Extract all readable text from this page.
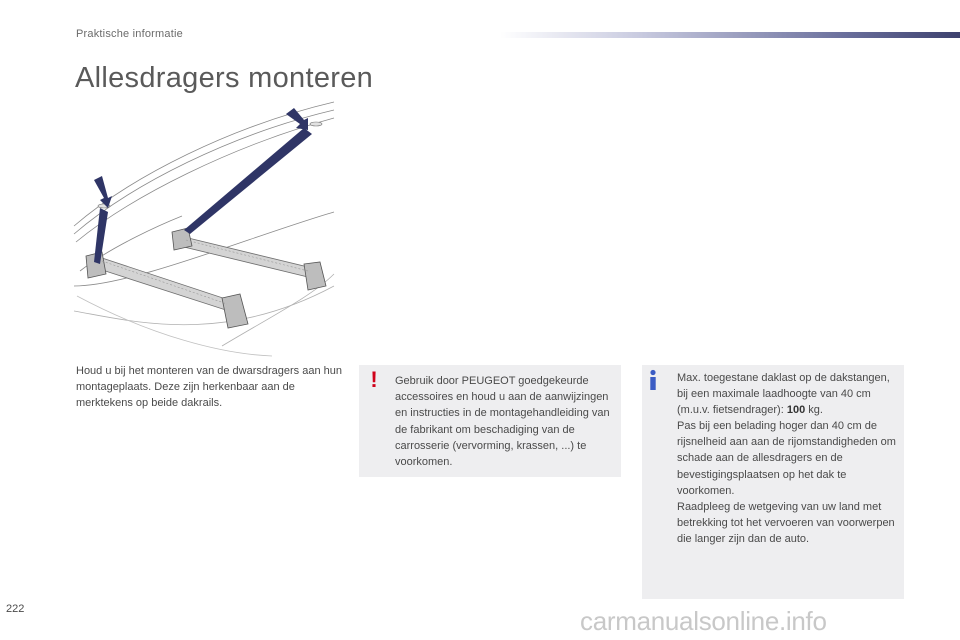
Praktische informatie
Allesdragers monteren
Houd u bij het monteren van de dwarsdragers aan hun montageplaats. Deze zijn herkenbaar aan de merktekens op beide dakrails.
! Gebruik door PEUGEOT goedgekeurde accessoires en houd u aan de aanwijzingen en instructies in de montagehandleiding van de fabrikant om beschadiging van de carrosserie (vervorming, krassen, ...) te voorkomen.

Max. toegestane daklast op de dakstangen, bij een maximale laadhoogte van 40 cm (m.u.v. fietsendrager): 100 kg.

Pas bij een belading hoger dan 40 cm de rijsnelheid aan aan de rijomstandigheden om schade aan de allesdragers en de bevestigingsplaatsen op het dak te voorkomen.

Raadpleeg de wetgeving van uw land met betrekking tot het vervoeren van voorwerpen die langer zijn dan de auto.

222	carmanualsonline.info
